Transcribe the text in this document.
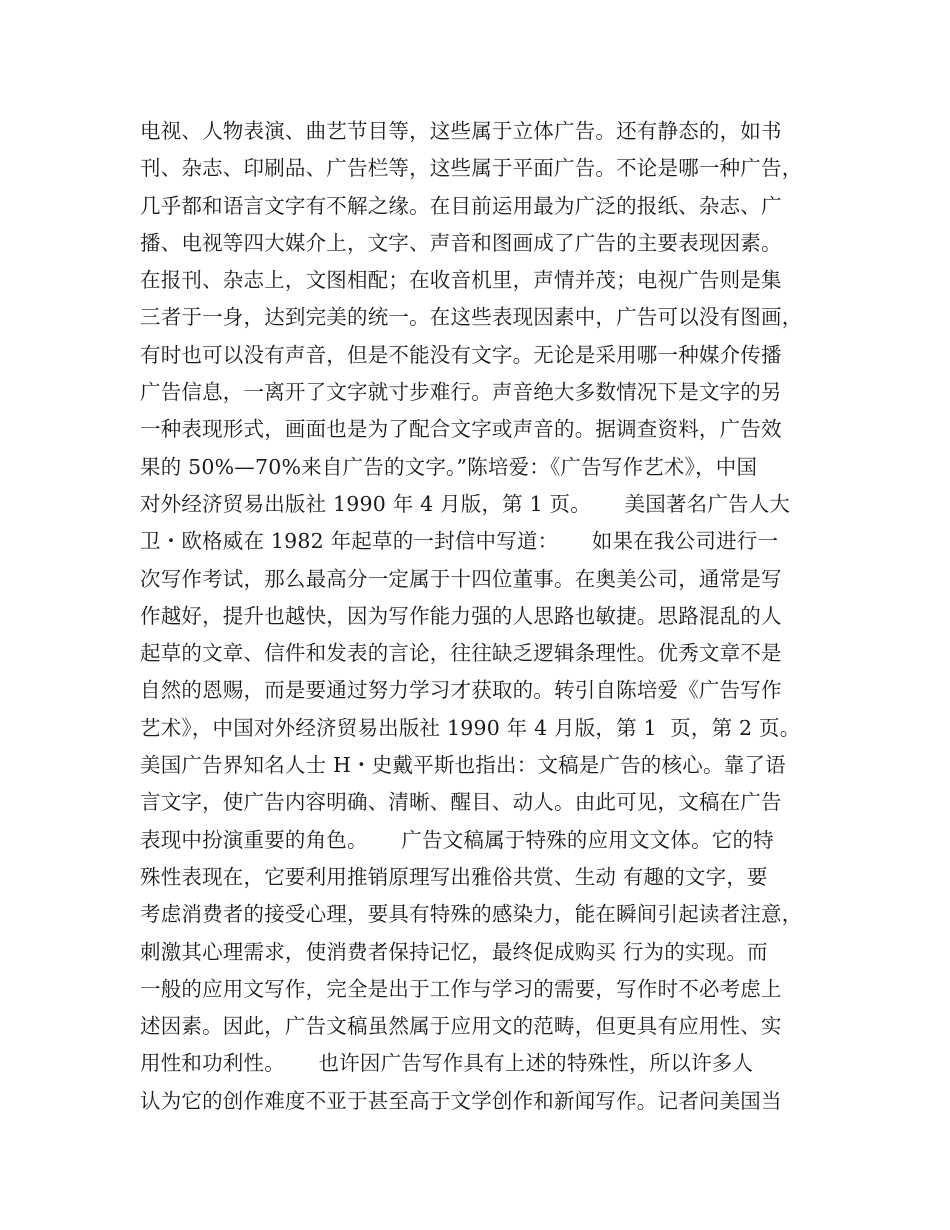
电视、人物表演、曲艺节目等，这些属于立体广告。还有静态的，如书
刊、杂志、印刷品、广告栏等，这些属于平面广告。不论是哪一种广告，
几乎都和语言文字有不解之缘。在目前运用最为广泛的报纸、杂志、广
播、电视等四大媒介上，文字、声音和图画成了广告的主要表现因素。
在报刊、杂志上，文图相配；在收音机里，声情并茂；电视广告则是集
三者于一身，达到完美的统一。在这些表现因素中，广告可以没有图画，
有时也可以没有声音，但是不能没有文字。无论是采用哪一种媒介传播
广告信息，一离开了文字就寸步难行。声音绝大多数情况下是文字的另
一种表现形式，画面也是为了配合文字或声音的。据调查资料，广告效
果的 50%—70%来自广告的文字。”陈培爱：《广告写作艺术》，中国
对外经济贸易出版社 1990 年 4 月版，第 1 页。     美国著名广告人大
卫・欧格威在 1982 年起草的一封信中写道：     如果在我公司进行一
次写作考试，那么最高分一定属于十四位董事。在奥美公司，通常是写
作越好，提升也越快，因为写作能力强的人思路也敏捷。思路混乱的人
起草的文章、信件和发表的言论，往往缺乏逻辑条理性。优秀文章不是
自然的恩赐，而是要通过努力学习才获取的。转引自陈培爱《广告写作
艺术》，中国对外经济贸易出版社 1990 年 4 月版，第 1  页，第 2 页。
美国广告界知名人士 H・史戴平斯也指出：文稿是广告的核心。靠了语
言文字，使广告内容明确、清晰、醒目、动人。由此可见，文稿在广告
表现中扮演重要的角色。     广告文稿属于特殊的应用文文体。它的特
殊性表现在，它要利用推销原理写出雅俗共赏、生动 有趣的文字，要
考虑消费者的接受心理，要具有特殊的感染力，能在瞬间引起读者注意，
刺激其心理需求，使消费者保持记忆，最终促成购买 行为的实现。而
一般的应用文写作，完全是出于工作与学习的需要，写作时不必考虑上
述因素。因此，广告文稿虽然属于应用文的范畴，但更具有应用性、实
用性和功利性。     也许因广告写作具有上述的特殊性，所以许多人
认为它的创作难度不亚于甚至高于文学创作和新闻写作。记者问美国当
